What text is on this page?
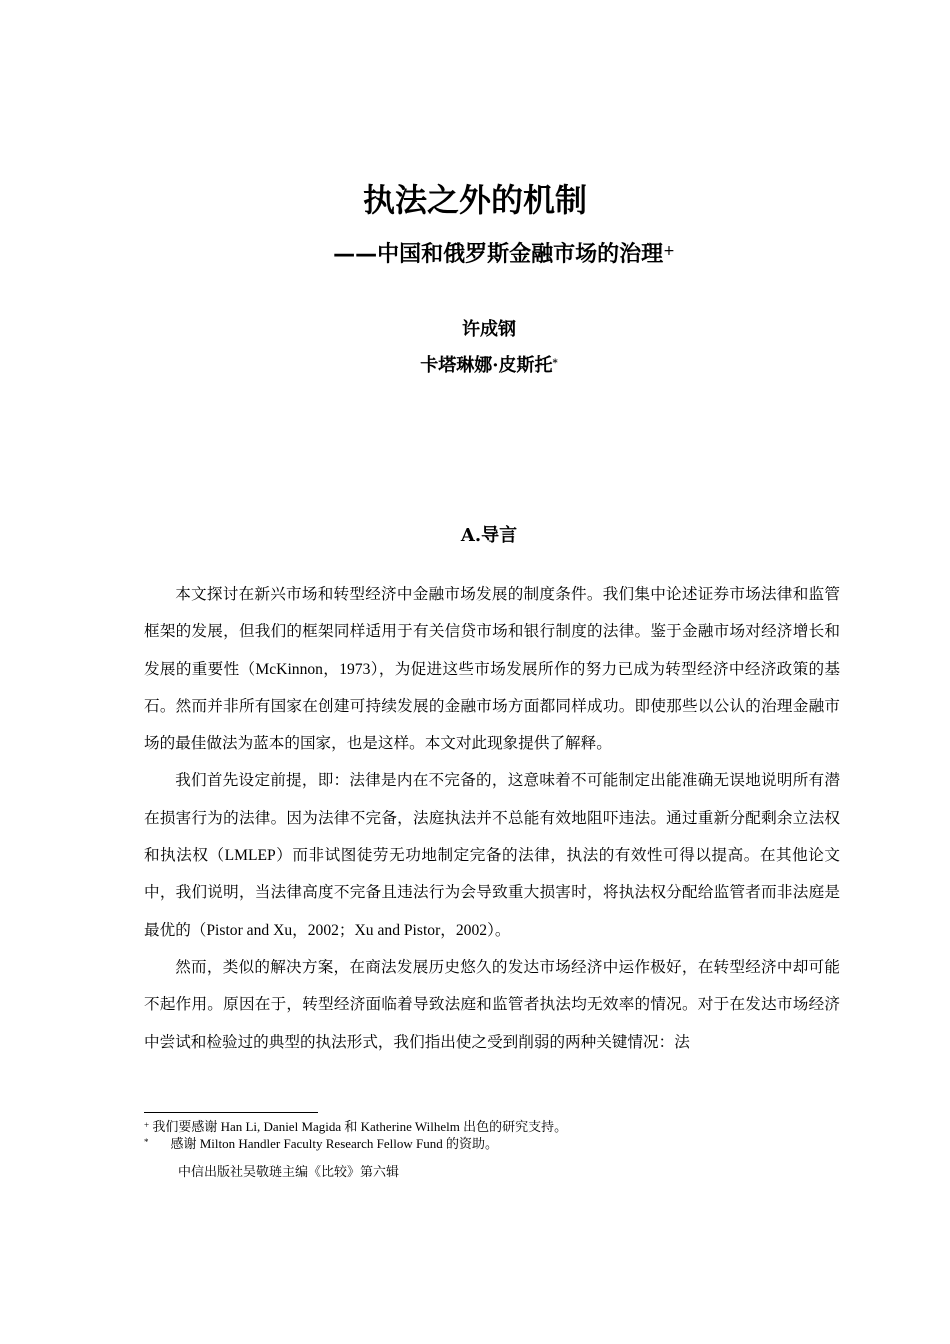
执法之外的机制
——中国和俄罗斯金融市场的治理+
许成钢
卡塔琳娜·皮斯托*
A.导言

本文探讨在新兴市场和转型经济中金融市场发展的制度条件。我们集中论述证券市场法律和监管框架的发展，但我们的框架同样适用于有关信贷市场和银行制度的法律。鉴于金融市场对经济增长和发展的重要性（McKinnon，1973），为促进这些市场发展所作的努力已成为转型经济中经济政策的基石。然而并非所有国家在创建可持续发展的金融市场方面都同样成功。即使那些以公认的治理金融市场的最佳做法为蓝本的国家，也是这样。本文对此现象提供了解释。

我们首先设定前提，即：法律是内在不完备的，这意味着不可能制定出能准确无误地说明所有潜在损害行为的法律。因为法律不完备，法庭执法并不总能有效地阻吓违法。通过重新分配剩余立法权和执法权（LMLEP）而非试图徒劳无功地制定完备的法律，执法的有效性可得以提高。在其他论文中，我们说明，当法律高度不完备且违法行为会导致重大损害时，将执法权分配给监管者而非法庭是最优的（Pistor and Xu，2002；Xu and Pistor，2002）。

然而，类似的解决方案，在商法发展历史悠久的发达市场经济中运作极好，在转型经济中却可能不起作用。原因在于，转型经济面临着导致法庭和监管者执法均无效率的情况。对于在发达市场经济中尝试和检验过的典型的执法形式，我们指出使之受到削弱的两种关键情况：法

+ 我们要感谢 Han Li, Daniel Magida 和 Katherine Wilhelm 出色的研究支持。
* 感谢 Milton Handler Faculty Research Fellow Fund 的资助。
中信出版社吴敬琏主编《比较》第六辑
